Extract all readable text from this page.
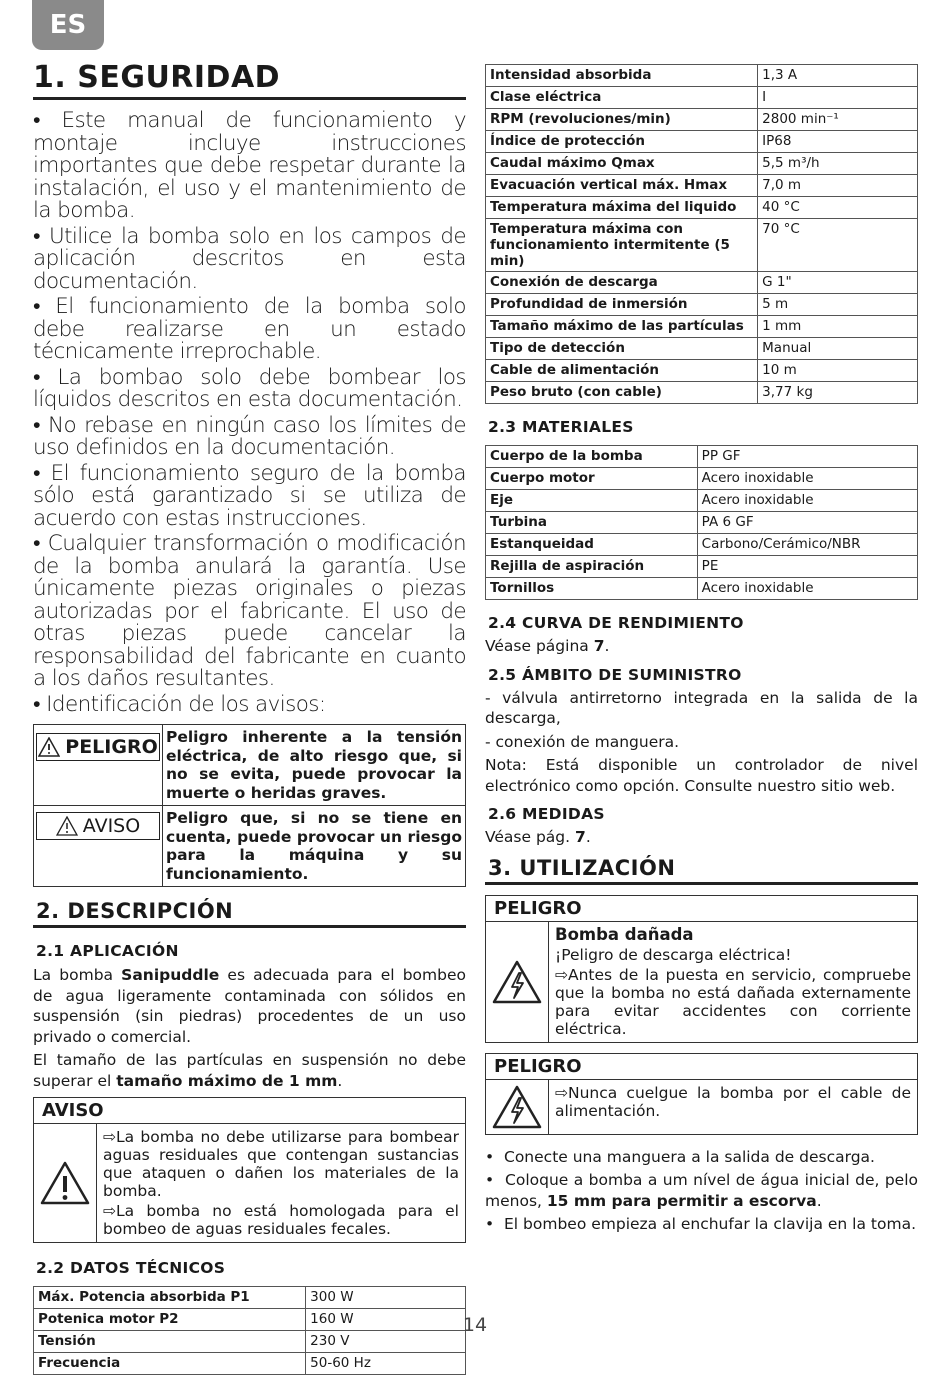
ES
1. SEGURIDAD
• Este manual de funcionamiento y montaje incluye instrucciones importantes que debe respetar durante la instalación, el uso y el mantenimiento de la bomba.
• Utilice la bomba solo en los campos de aplicación descritos en esta documentación.
• El funcionamiento de la bomba solo debe realizarse en un estado técnicamente irreprochable.
• La bombao solo debe bombear los líquidos descritos en esta documentación.
• No rebase en ningún caso los límites de uso definidos en la documentación.
• El funcionamiento seguro de la bomba sólo está garantizado si se utiliza de acuerdo con estas instrucciones.
• Cualquier transformación o modificación de la bomba anulará la garantía. Use únicamente piezas originales o piezas autorizadas por el fabricante. El uso de otras piezas puede cancelar la responsabilidad del fabricante en cuanto a los daños resultantes.
• Identificación de los avisos:
PELIGRO	Peligro inherente a la tensión eléctrica, de alto riesgo que, si no se evita, puede provocar la muerte o heridas graves.

AVISO	Peligro que, si no se tiene en cuenta, puede provocar un riesgo para la máquina y su funcionamiento.
2. DESCRIPCIÓN
2.1 APLICACIÓN

La bomba Sanipuddle es adecuada para el bombeo de agua ligeramente contaminada con sólidos en suspensión (sin piedras) procedentes de un uso privado o comercial.

El tamaño de las partículas en suspensión no debe superar el tamaño máximo de 1 mm.

AVISO
⇨La bomba no debe utilizarse para bombear aguas residuales que contengan sustancias que ataquen o dañen los materiales de la bomba.
⇨La bomba no está homologada para el bombeo de aguas residuales fecales.
2.2 DATOS TÉCNICOS
Máx. Potencia absorbida P1	300 W
Potenica motor P2	160 W
Tensión	230 V
Frecuencia	50-60 Hz
Intensidad absorbida	1,3 A
Clase eléctrica	I
RPM (revoluciones/min)	2800 min⁻¹
Índice de protección	IP68
Caudal máximo Qmax	5,5 m³/h
Evacuación vertical máx. Hmax	7,0 m
Temperatura máxima del liquido	40 °C
Temperatura máxima con funcionamiento intermitente (5 min)	70 °C
Conexión de descarga	G 1"
Profundidad de inmersión	5 m
Tamaño máximo de las partículas	1 mm
Tipo de detección	Manual
Cable de alimentación	10 m
Peso bruto (con cable)	3,77 kg
2.3 MATERIALES
Cuerpo de la bomba	PP GF
Cuerpo motor	Acero inoxidable
Eje	Acero inoxidable
Turbina	PA 6 GF
Estanqueidad	Carbono/Cerámico/NBR
Rejilla de aspiración	PE
Tornillos	Acero inoxidable
2.4 CURVA DE RENDIMIENTO

Véase página 7.

2.5 ÁMBITO DE SUMINISTRO

- válvula antirretorno integrada en la salida de la descarga,

- conexión de manguera.

Nota: Está disponible un controlador de nivel electrónico como opción. Consulte nuestro sitio web.

2.6 MEDIDAS

Véase pág. 7.

3. UTILIZACIÓN
PELIGRO
Bomba dañada
¡Peligro de descarga eléctrica!
⇨Antes de la puesta en servicio, compruebe que la bomba no está dañada externamente para evitar accidentes con corriente eléctrica.
PELIGRO
⇨Nunca cuelgue la bomba por el cable de alimentación.

•  Conecte una manguera a la salida de descarga.

•  Coloque a bomba a um nível de água inicial de, pelo menos, 15 mm para permitir a escorva.

•  El bombeo empieza al enchufar la clavija en la toma.

14
